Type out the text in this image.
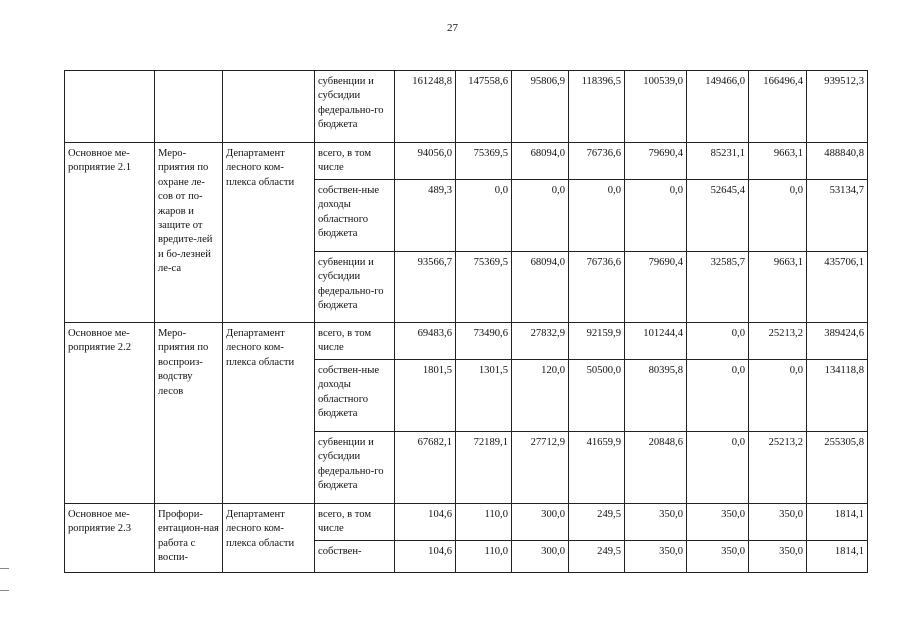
27
			субвенции и субсидии федерально-го бюджета	161248,8	147558,6	95806,9	118396,5	100539,0	149466,0	166496,4	939512,3
Основное ме-роприятие 2.1	Меро-приятия по охране ле-сов от по-жаров и защите от вредите-лей и бо-лезней ле-са	Департамент лесного ком-плекса области	всего, в том числе	94056,0	75369,5	68094,0	76736,6	79690,4	85231,1	9663,1	488840,8
			собствен-ные доходы областного бюджета	489,3	0,0	0,0	0,0	0,0	52645,4	0,0	53134,7
			субвенции и субсидии федерально-го бюджета	93566,7	75369,5	68094,0	76736,6	79690,4	32585,7	9663,1	435706,1
Основное ме-роприятие 2.2	Меро-приятия по воспроиз-водству лесов	Департамент лесного ком-плекса области	всего, в том числе	69483,6	73490,6	27832,9	92159,9	101244,4	0,0	25213,2	389424,6
			собствен-ные доходы областного бюджета	1801,5	1301,5	120,0	50500,0	80395,8	0,0	0,0	134118,8
			субвенции и субсидии федерально-го бюджета	67682,1	72189,1	27712,9	41659,9	20848,6	0,0	25213,2	255305,8
Основное ме-роприятие 2.3	Профори-ентацион-ная работа с воспи-	Департамент лесного ком-плекса области	всего, в том числе	104,6	110,0	300,0	249,5	350,0	350,0	350,0	1814,1
			собствен-	104,6	110,0	300,0	249,5	350,0	350,0	350,0	1814,1
